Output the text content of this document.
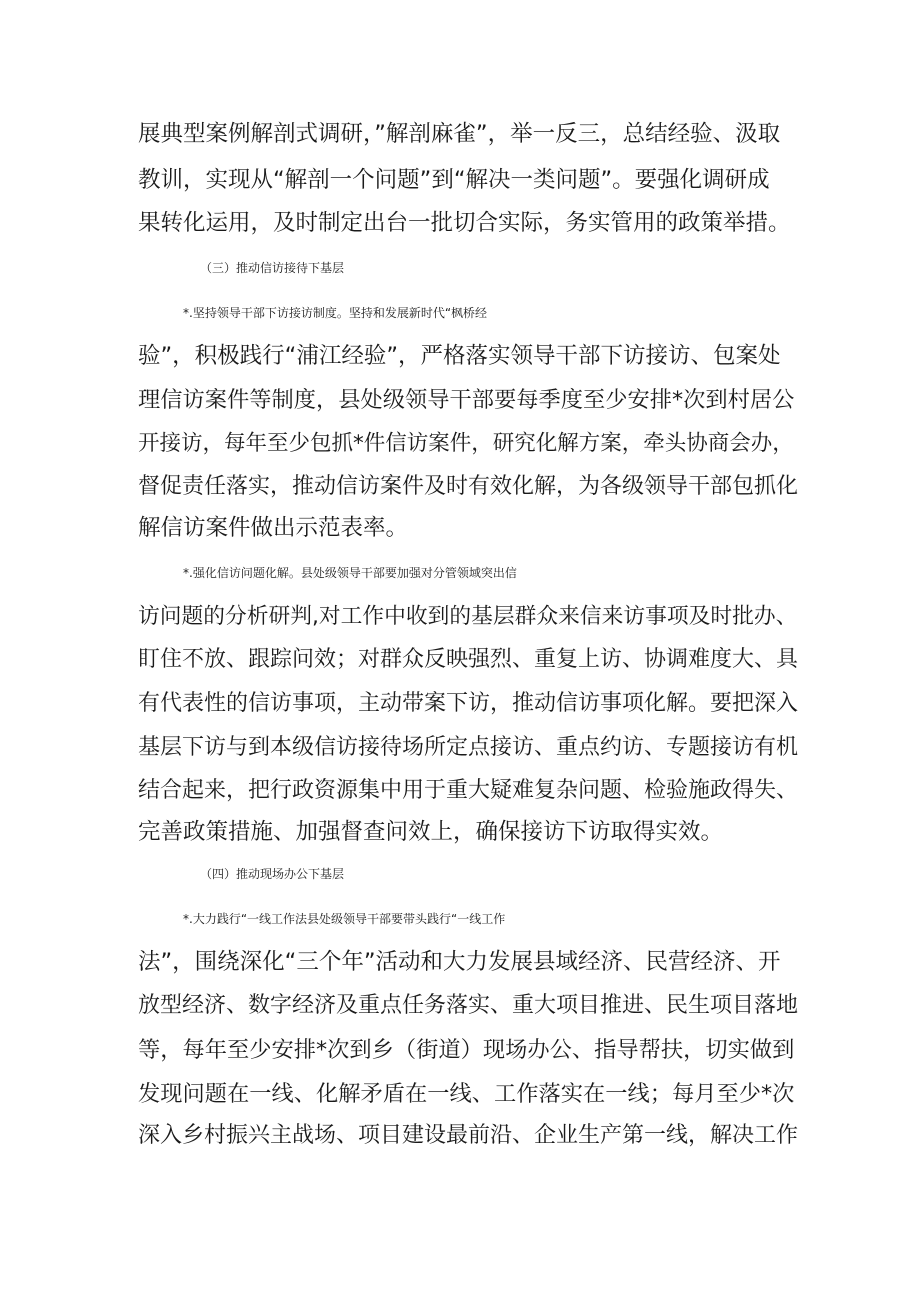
展典型案例解剖式调研，”解剖麻雀”，举一反三，总结经验、汲取
教训，实现从“解剖一个问题”到“解决一类问题”。要强化调研成
果转化运用，及时制定出台一批切合实际，务实管用的政策举措。
（三）推动信访接待下基层
*.坚持领导干部下访接访制度。坚持和发展新时代“枫桥经
验”，积极践行“浦江经验”，严格落实领导干部下访接访、包案处
理信访案件等制度，县处级领导干部要每季度至少安排*次到村居公
开接访，每年至少包抓*件信访案件，研究化解方案，牵头协商会办，
督促责任落实，推动信访案件及时有效化解，为各级领导干部包抓化
解信访案件做出示范表率。
*.强化信访问题化解。县处级领导干部要加强对分管领域突出信
访问题的分析研判,对工作中收到的基层群众来信来访事项及时批办、
盯住不放、跟踪问效；对群众反映强烈、重复上访、协调难度大、具
有代表性的信访事项，主动带案下访，推动信访事项化解。要把深入
基层下访与到本级信访接待场所定点接访、重点约访、专题接访有机
结合起来，把行政资源集中用于重大疑难复杂问题、检验施政得失、
完善政策措施、加强督查问效上，确保接访下访取得实效。
（四）推动现场办公下基层
*.大力践行“一线工作法县处级领导干部要带头践行“一线工作
法”，围绕深化“三个年”活动和大力发展县域经济、民营经济、开
放型经济、数字经济及重点任务落实、重大项目推进、民生项目落地
等，每年至少安排*次到乡（街道）现场办公、指导帮扶，切实做到
发现问题在一线、化解矛盾在一线、工作落实在一线；每月至少*次
深入乡村振兴主战场、项目建设最前沿、企业生产第一线，解决工作
